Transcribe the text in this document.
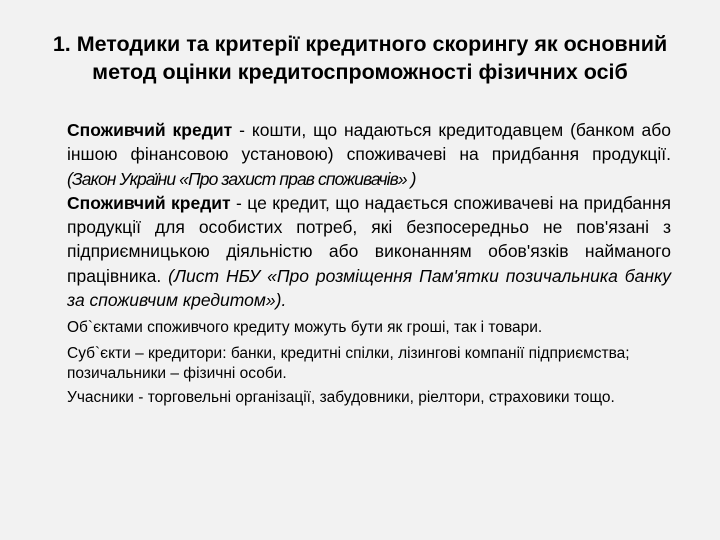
1. Методики та критерії кредитного скорингу як основний метод оцінки кредитоспроможності фізичних осіб

Споживчий кредит - кошти, що надаються кредитодавцем (банком або іншою фінансовою установою) споживачеві на придбання продукції. (Закон України «Про захист прав споживачів» )

Споживчий кредит - це кредит, що надається споживачеві на придбання продукції для особистих потреб, які безпосередньо не пов'язані з підприємницькою діяльністю або виконанням обов'язків найманого працівника. (Лист НБУ «Про розміщення Пам'ятки позичальника банку за споживчим кредитом»).

Об`єктами споживчого кредиту можуть бути як гроші, так і товари.

Суб`єкти – кредитори: банки, кредитні спілки, лізингові компанії підприємства; позичальники – фізичні особи.

Учасники - торговельні організації, забудовники, ріелтори, страховики тощо.
